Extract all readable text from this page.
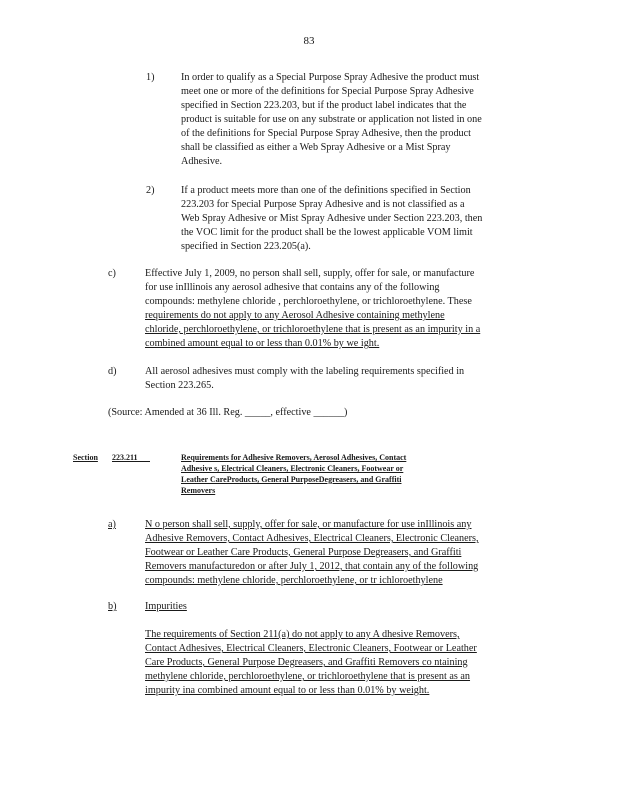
83
1)	In order to qualify as a Special Purpose Spray Adhesive the product must
meet one or more of the definitions for Special Purpose Spray Adhesive
specified in Section 223.203, but if the product label indicates that the
product is suitable for use on any substrate or application not listed in one
of the definitions for Special Purpose Spray Adhesive, then the product
shall be classified as either a Web Spray Adhesive or a Mist Spray
Adhesive.
2)	If a product meets more than one of the definitions specified in Section
223.203 for Special Purpose Spray Adhesive and is not classified as a
Web Spray Adhesive or Mist Spray Adhesive under Section 223.203, then
the VOC limit for the product shall be the lowest applicable VOM limit
specified in Section 223.205(a).
c)	Effective July 1, 2009, no person shall sell, supply, offer for sale, or manufacture
for use inIllinois any aerosol adhesive that contains any of the following
compounds: methylene chloride , perchloroethylene, or trichloroethylene. These
requirements do not apply to any Aerosol Adhesive containing methylene
chloride, perchloroethylene, or trichloroethylene that is present as an impurity in a
combined amount equal to or less than 0.01% by we ight.
d)	All aerosol adhesives must comply with the labeling requirements specified in
Section 223.265.
(Source: Amended at 36 Ill. Reg. _____, effective ______)
Section 223.211	Requirements for Adhesive Removers, Aerosol Adhesives, Contact
Adhesive s, Electrical Cleaners, Electronic Cleaners, Footwear or
Leather CareProducts, General PurposeDegreasers, and Graffiti
Removers
a)	N o person shall sell, supply, offer for sale, or manufacture for use inIllinois any
Adhesive Removers, Contact Adhesives, Electrical Cleaners, Electronic Cleaners,
Footwear or Leather Care Products, General Purpose Degreasers, and Graffiti
Removers manufacturedon or after July 1, 2012, that contain any of the following
compounds: methylene chloride, perchloroethylene, or tr ichloroethylene
b)	Impurities
The requirements of Section 211(a) do not apply to any A dhesive Removers,
Contact Adhesives, Electrical Cleaners, Electronic Cleaners, Footwear or Leather
Care Products, General Purpose Degreasers, and Graffiti Removers co ntaining
methylene chloride, perchloroethylene, or trichloroethylene that is present as an
impurity ina combined amount equal to or less than 0.01% by weight.
